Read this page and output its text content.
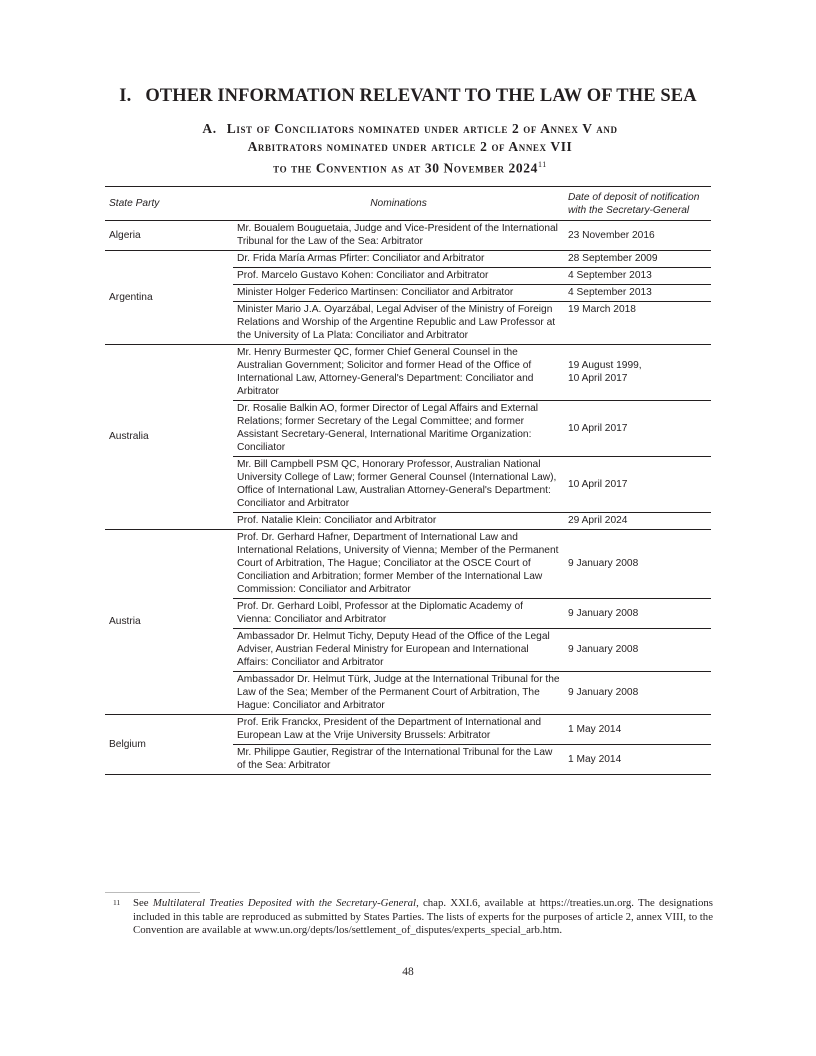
I. OTHER INFORMATION RELEVANT TO THE LAW OF THE SEA
A. List of Conciliators nominated under article 2 of Annex V and
Arbitrators nominated under article 2 of Annex VII
to the Convention as at 30 November 2024$^{11}$
State Party	Nominations	Date of deposit of notification with the Secretary-General
Algeria	Mr. Boualem Bouguetaia, Judge and Vice-President of the International Tribunal for the Law of the Sea: Arbitrator	23 November 2016
Argentina	Dr. Frida María Armas Pfirter: Conciliator and Arbitrator	28 September 2009
	Prof. Marcelo Gustavo Kohen: Conciliator and Arbitrator	4 September 2013
	Minister Holger Federico Martinsen: Conciliator and Arbitrator	4 September 2013
	Minister Mario J.A. Oyarzábal, Legal Adviser of the Ministry of Foreign Relations and Worship of the Argentine Republic and Law Professor at the University of La Plata: Conciliator and Arbitrator	19 March 2018
Australia	Mr. Henry Burmester QC, former Chief General Counsel in the Australian Government; Solicitor and former Head of the Office of International Law, Attorney-General's Department: Conciliator and Arbitrator	19 August 1999,
10 April 2017
	Dr. Rosalie Balkin AO, former Director of Legal Affairs and External Relations; former Secretary of the Legal Committee; and former Assistant Secretary-General, International Maritime Organization: Conciliator	10 April 2017
	Mr. Bill Campbell PSM QC, Honorary Professor, Australian National University College of Law; former General Counsel (International Law), Office of International Law, Australian Attorney-General's Department: Conciliator and Arbitrator	10 April 2017
	Prof. Natalie Klein: Conciliator and Arbitrator	29 April 2024
Austria	Prof. Dr. Gerhard Hafner, Department of International Law and International Relations, University of Vienna; Member of the Permanent Court of Arbitration, The Hague; Conciliator at the OSCE Court of Conciliation and Arbitration; former Member of the International Law Commission: Conciliator and Arbitrator	9 January 2008
	Prof. Dr. Gerhard Loibl, Professor at the Diplomatic Academy of Vienna: Conciliator and Arbitrator	9 January 2008
	Ambassador Dr. Helmut Tichy, Deputy Head of the Office of the Legal Adviser, Austrian Federal Ministry for European and International Affairs: Conciliator and Arbitrator	9 January 2008
	Ambassador Dr. Helmut Türk, Judge at the International Tribunal for the Law of the Sea; Member of the Permanent Court of Arbitration, The Hague: Conciliator and Arbitrator	9 January 2008
Belgium	Prof. Erik Franckx, President of the Department of International and European Law at the Vrije University Brussels: Arbitrator	1 May 2014
	Mr. Philippe Gautier, Registrar of the International Tribunal for the Law of the Sea: Arbitrator	1 May 2014
11 See Multilateral Treaties Deposited with the Secretary-General, chap. XXI.6, available at https://treaties.un.org. The designations included in this table are reproduced as submitted by States Parties. The lists of experts for the purposes of article 2, annex VIII, to the Convention are available at www.un.org/depts/los/settlement_of_disputes/experts_special_arb.htm.
48
